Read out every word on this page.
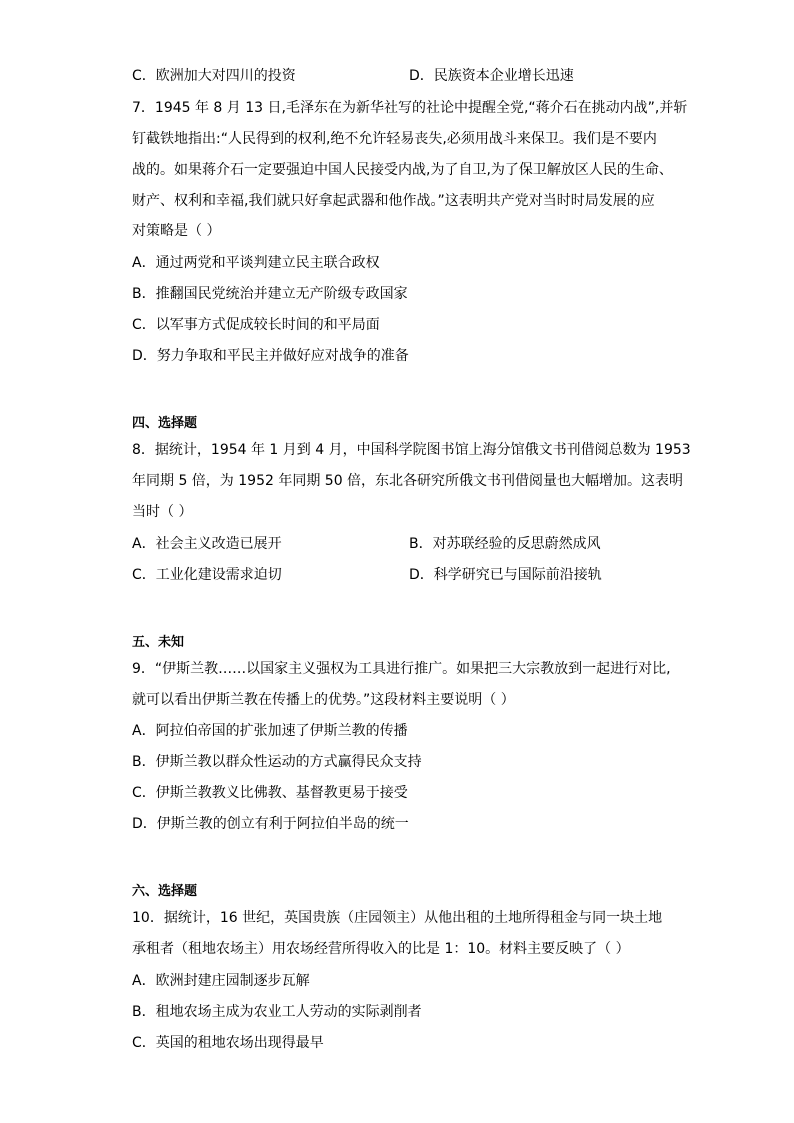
C．欧洲加大对四川的投资	D．民族资本企业增长迅速
7．1945 年 8 月 13 日,毛泽东在为新华社写的社论中提醒全党,“蒋介石在挑动内战”,并斩
钉截铁地指出:“人民得到的权利,绝不允许轻易丧失,必须用战斗来保卫。我们是不要内
战的。如果蒋介石一定要强迫中国人民接受内战,为了自卫,为了保卫解放区人民的生命、
财产、权利和幸福,我们就只好拿起武器和他作战。”这表明共产党对当时时局发展的应
对策略是（ ）
A．通过两党和平谈判建立民主联合政权
B．推翻国民党统治并建立无产阶级专政国家
C．以军事方式促成较长时间的和平局面
D．努力争取和平民主并做好应对战争的准备
四、选择题
8．据统计，1954 年 1 月到 4 月，中国科学院图书馆上海分馆俄文书刊借阅总数为 1953
年同期 5 倍，为 1952 年同期 50 倍，东北各研究所俄文书刊借阅量也大幅增加。这表明
当时（ ）
A．社会主义改造已展开	B．对苏联经验的反思蔚然成风
C．工业化建设需求迫切	D．科学研究已与国际前沿接轨
五、未知
9．“伊斯兰教……以国家主义强权为工具进行推广。如果把三大宗教放到一起进行对比,
就可以看出伊斯兰教在传播上的优势。”这段材料主要说明（ ）
A．阿拉伯帝国的扩张加速了伊斯兰教的传播
B．伊斯兰教以群众性运动的方式赢得民众支持
C．伊斯兰教教义比佛教、基督教更易于接受
D．伊斯兰教的创立有利于阿拉伯半岛的统一
六、选择题
10．据统计，16 世纪，英国贵族（庄园领主）从他出租的土地所得租金与同一块土地
承租者（租地农场主）用农场经营所得收入的比是 1：10。材料主要反映了（ ）
A．欧洲封建庄园制逐步瓦解
B．租地农场主成为农业工人劳动的实际剥削者
C．英国的租地农场出现得最早
